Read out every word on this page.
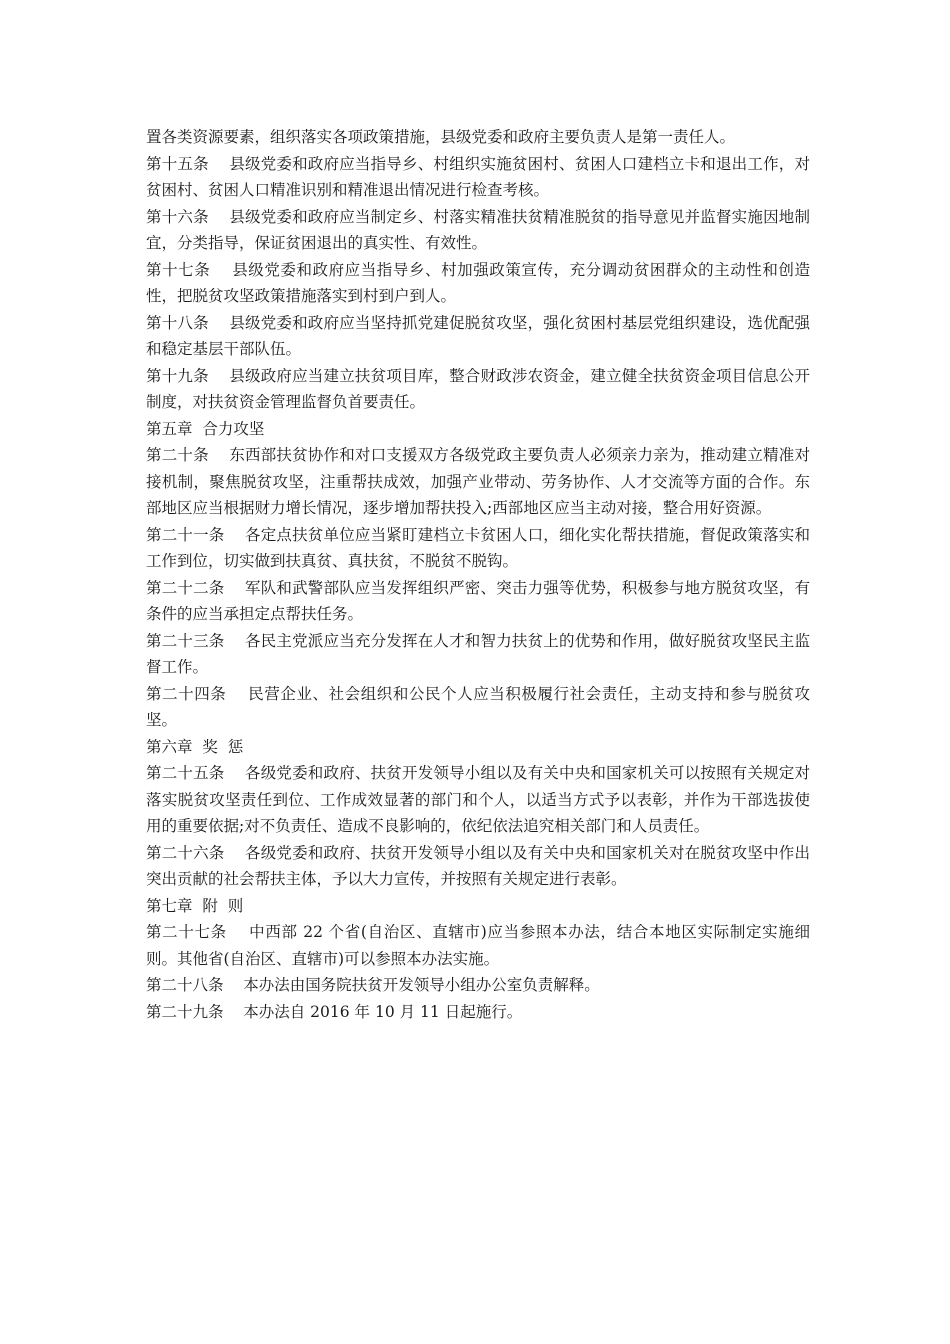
置各类资源要素，组织落实各项政策措施，县级党委和政府主要负责人是第一责任人。

第十五条 县级党委和政府应当指导乡、村组织实施贫困村、贫困人口建档立卡和退出工作，对贫困村、贫困人口精准识别和精准退出情况进行检查考核。

第十六条 县级党委和政府应当制定乡、村落实精准扶贫精准脱贫的指导意见并监督实施因地制宜，分类指导，保证贫困退出的真实性、有效性。

第十七条 县级党委和政府应当指导乡、村加强政策宣传，充分调动贫困群众的主动性和创造性，把脱贫攻坚政策措施落实到村到户到人。

第十八条 县级党委和政府应当坚持抓党建促脱贫攻坚，强化贫困村基层党组织建设，选优配强和稳定基层干部队伍。

第十九条 县级政府应当建立扶贫项目库，整合财政涉农资金，建立健全扶贫资金项目信息公开制度，对扶贫资金管理监督负首要责任。

第五章  合力攻坚

第二十条 东西部扶贫协作和对口支援双方各级党政主要负责人必须亲力亲为，推动建立精准对接机制，聚焦脱贫攻坚，注重帮扶成效，加强产业带动、劳务协作、人才交流等方面的合作。东部地区应当根据财力增长情况，逐步增加帮扶投入;西部地区应当主动对接，整合用好资源。

第二十一条 各定点扶贫单位应当紧盯建档立卡贫困人口，细化实化帮扶措施，督促政策落实和工作到位，切实做到扶真贫、真扶贫，不脱贫不脱钩。

第二十二条 军队和武警部队应当发挥组织严密、突击力强等优势，积极参与地方脱贫攻坚，有条件的应当承担定点帮扶任务。

第二十三条 各民主党派应当充分发挥在人才和智力扶贫上的优势和作用，做好脱贫攻坚民主监督工作。

第二十四条 民营企业、社会组织和公民个人应当积极履行社会责任，主动支持和参与脱贫攻坚。

第六章  奖  惩

第二十五条 各级党委和政府、扶贫开发领导小组以及有关中央和国家机关可以按照有关规定对落实脱贫攻坚责任到位、工作成效显著的部门和个人，以适当方式予以表彰，并作为干部选拔使用的重要依据;对不负责任、造成不良影响的，依纪依法追究相关部门和人员责任。

第二十六条 各级党委和政府、扶贫开发领导小组以及有关中央和国家机关对在脱贫攻坚中作出突出贡献的社会帮扶主体，予以大力宣传，并按照有关规定进行表彰。

第七章  附  则

第二十七条 中西部 22 个省(自治区、直辖市)应当参照本办法，结合本地区实际制定实施细则。其他省(自治区、直辖市)可以参照本办法实施。

第二十八条 本办法由国务院扶贫开发领导小组办公室负责解释。

第二十九条 本办法自 2016 年 10 月 11 日起施行。
